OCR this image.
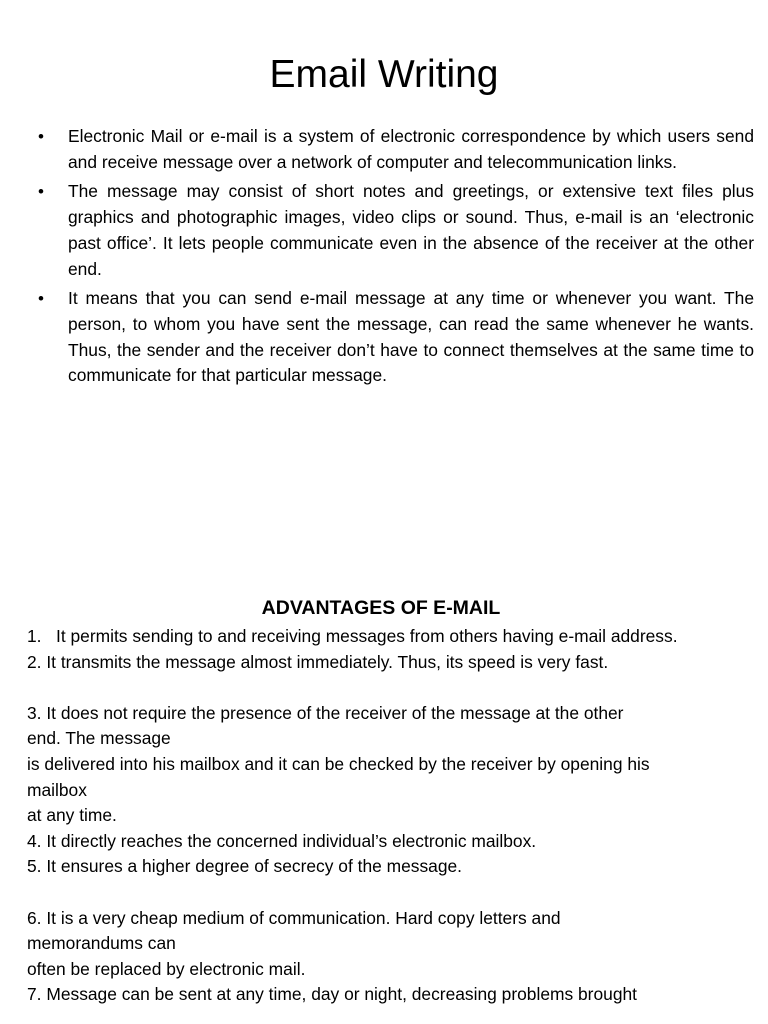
Email Writing
• Electronic Mail or e-mail is a system of electronic correspondence by which users send and receive message over a network of computer and telecommunication links.
• The message may consist of short notes and greetings, or extensive text files plus graphics and photographic images, video clips or sound. Thus, e-mail is an ‘electronic past office’. It lets people communicate even in the absence of the receiver at the other end.
• It means that you can send e-mail message at any time or whenever you want. The person, to whom you have sent the message, can read the same whenever he wants. Thus, the sender and the receiver don’t have to connect themselves at the same time to communicate for that particular message.
ADVANTAGES OF E-MAIL
1. It permits sending to and receiving messages from others having e-mail address.
2. It transmits the message almost immediately. Thus, its speed is very fast.
3. It does not require the presence of the receiver of the message at the other
end. The message
is delivered into his mailbox and it can be checked by the receiver by opening his
mailbox
at any time.
4. It directly reaches the concerned individual’s electronic mailbox.
5. It ensures a higher degree of secrecy of the message.
6. It is a very cheap medium of communication. Hard copy letters and
memorandums can
often be replaced by electronic mail.
7. Message can be sent at any time, day or night, decreasing problems brought
